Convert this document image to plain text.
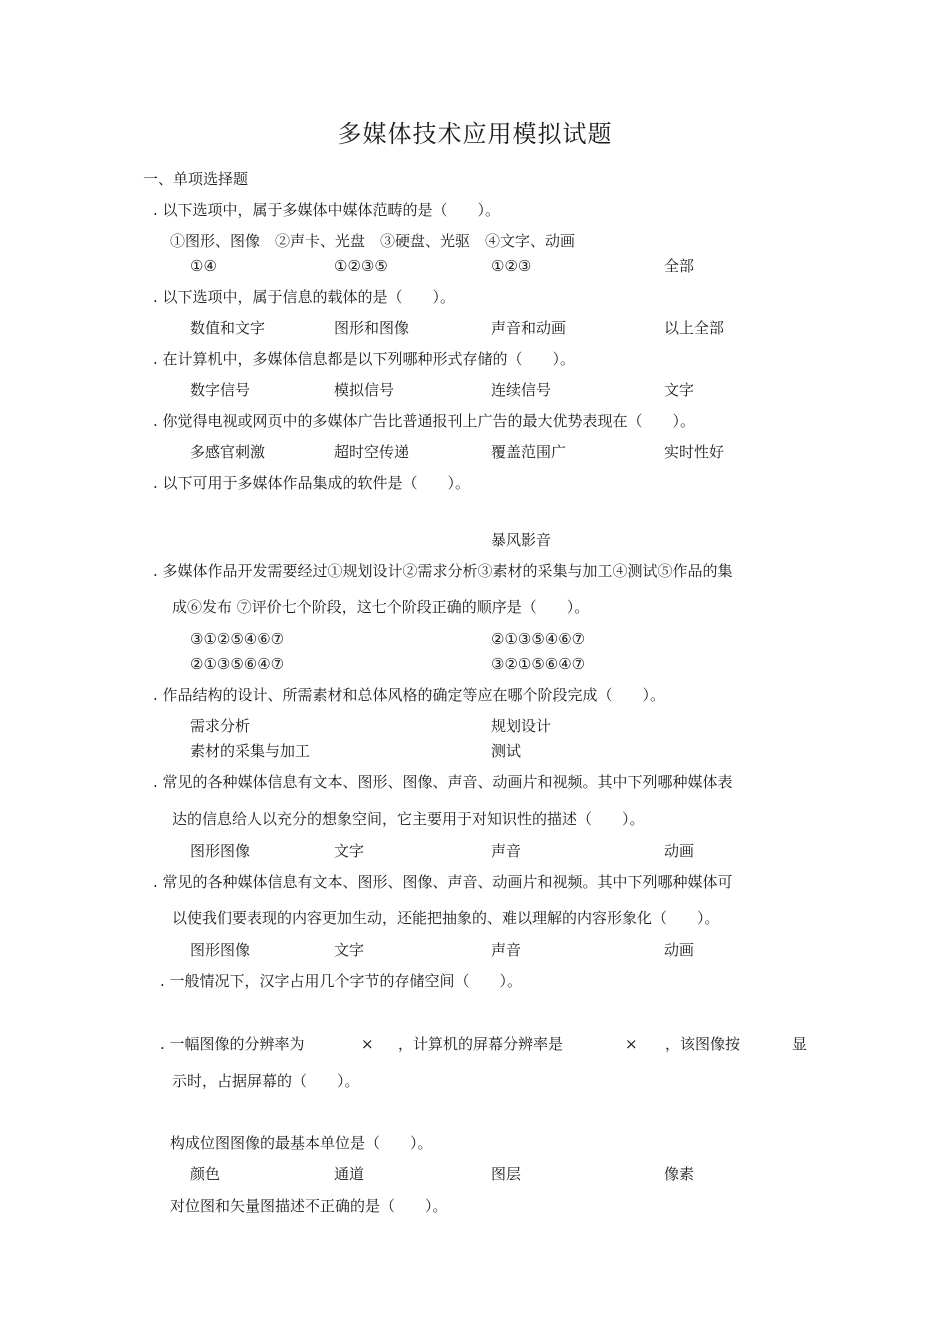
多媒体技术应用模拟试题
一、单项选择题
. 以下选项中，属于多媒体中媒体范畴的是（　　）。
①图形、图像　②声卡、光盘　③硬盘、光驱　④文字、动画
①④	①②③⑤	①②③	全部
. 以下选项中，属于信息的载体的是（　　）。
数值和文字	图形和图像	声音和动画	以上全部
. 在计算机中，多媒体信息都是以下列哪种形式存储的（　　）。
数字信号	模拟信号	连续信号	文字
. 你觉得电视或网页中的多媒体广告比普通报刊上广告的最大优势表现在（　　）。
多感官刺激	超时空传递	覆盖范围广	实时性好
. 以下可用于多媒体作品集成的软件是（　　）。
暴风影音
. 多媒体作品开发需要经过①规划设计②需求分析③素材的采集与加工④测试⑤作品的集
成⑥发布 ⑦评价七个阶段，这七个阶段正确的顺序是（　　）。
③①②⑤④⑥⑦	②①③⑤④⑥⑦
②①③⑤⑥④⑦	③②①⑤⑥④⑦
. 作品结构的设计、所需素材和总体风格的确定等应在哪个阶段完成（　　）。
需求分析	规划设计
素材的采集与加工	测试
. 常见的各种媒体信息有文本、图形、图像、声音、动画片和视频。其中下列哪种媒体表
达的信息给人以充分的想象空间，它主要用于对知识性的描述（　　）。
图形图像	文字	声音	动画
. 常见的各种媒体信息有文本、图形、图像、声音、动画片和视频。其中下列哪种媒体可
以使我们要表现的内容更加生动，还能把抽象的、难以理解的内容形象化（　　）。
图形图像	文字	声音	动画
. 一般情况下，汉字占用几个字节的存储空间（　　）。
. 一幅图像的分辨率为	× ，计算机的屏幕分辨率是	× ，该图像按	显
示时，占据屏幕的（　　）。
构成位图图像的最基本单位是（　　）。
颜色	通道	图层	像素
对位图和矢量图描述不正确的是（　　）。
